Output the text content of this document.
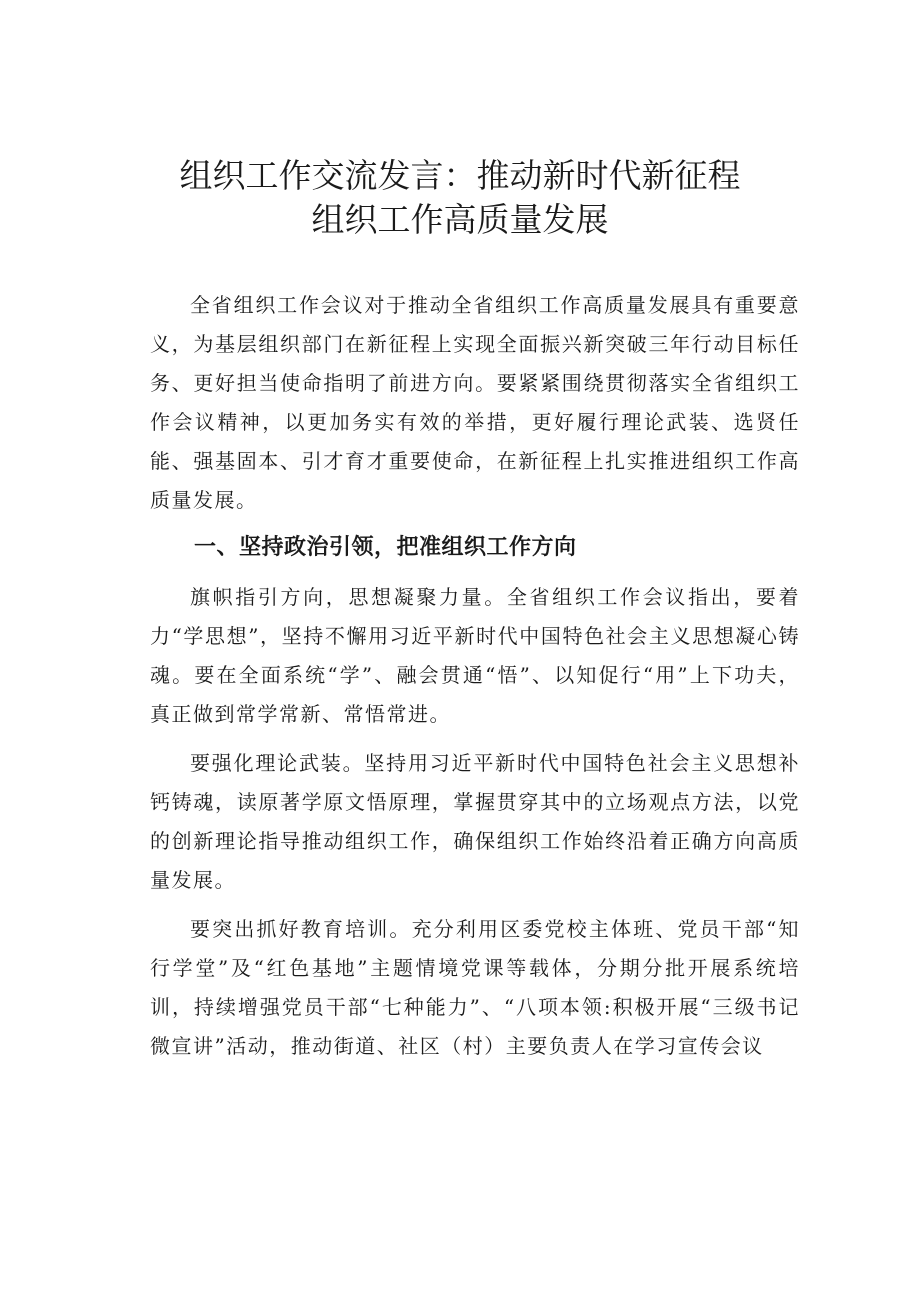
组织工作交流发言：推动新时代新征程
组织工作高质量发展

全省组织工作会议对于推动全省组织工作高质量发展具有重要意义，为基层组织部门在新征程上实现全面振兴新突破三年行动目标任务、更好担当使命指明了前进方向。要紧紧围绕贯彻落实全省组织工作会议精神，以更加务实有效的举措，更好履行理论武装、选贤任能、强基固本、引才育才重要使命，在新征程上扎实推进组织工作高质量发展。

一、坚持政治引领，把准组织工作方向

旗帜指引方向，思想凝聚力量。全省组织工作会议指出，要着力“学思想”，坚持不懈用习近平新时代中国特色社会主义思想凝心铸魂。要在全面系统“学”、融会贯通“悟”、以知促行“用”上下功夫，真正做到常学常新、常悟常进。

要强化理论武装。坚持用习近平新时代中国特色社会主义思想补钙铸魂，读原著学原文悟原理，掌握贯穿其中的立场观点方法，以党的创新理论指导推动组织工作，确保组织工作始终沿着正确方向高质量发展。

要突出抓好教育培训。充分利用区委党校主体班、党员干部“知行学堂”及“红色基地”主题情境党课等载体，分期分批开展系统培训，持续增强党员干部“七种能力”、“八项本领:积极开展“三级书记微宣讲”活动，推动街道、社区（村）主要负责人在学习宣传会议
